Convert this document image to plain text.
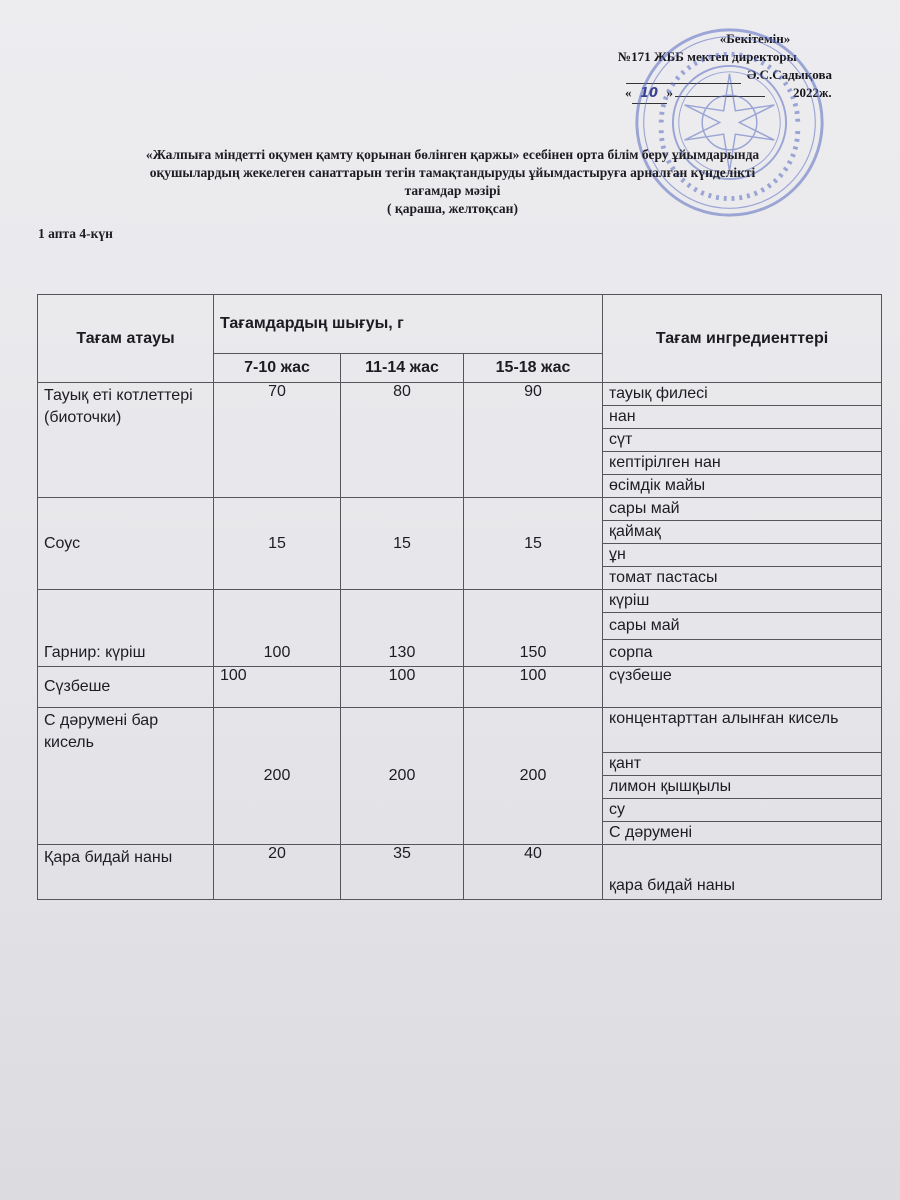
«Бекітемін»
№171 ЖББ мектеп директоры
Ә.С.Садықова
« 10 »	2022ж.
«Жалпыға міндетті оқумен қамту қорынан бөлінген қаржы» есебінен орта білім беру ұйымдарында
оқушылардың жекелеген санаттарын тегін тамақтандыруды ұйымдастыруға арналған күнделікті
тағамдар мәзірі
( қараша, желтоқсан)
1 апта 4-күн
Тағам атауы	Тағамдардың шығуы, г			Тағам ингредиенттері
	7-10 жас	11-14 жас	15-18 жас	
Тауық еті котлеттері (биоточки)	70	80	90	тауық филесі
				нан
				сүт
				кептірілген нан
				өсімдік майы
Соус	15	15	15	сары май
				қаймақ
				ұн
				томат пастасы
Гарнир: күріш	100	130	150	күріш
				сары май
				сорпа
Сүзбеше	100	100	100	сүзбеше
С дәрумені бар кисель	200	200	200	концентарттан алынған кисель
				қант
				лимон қышқылы
				су
				С дәрумені
Қара бидай наны	20	35	40	қара бидай наны
